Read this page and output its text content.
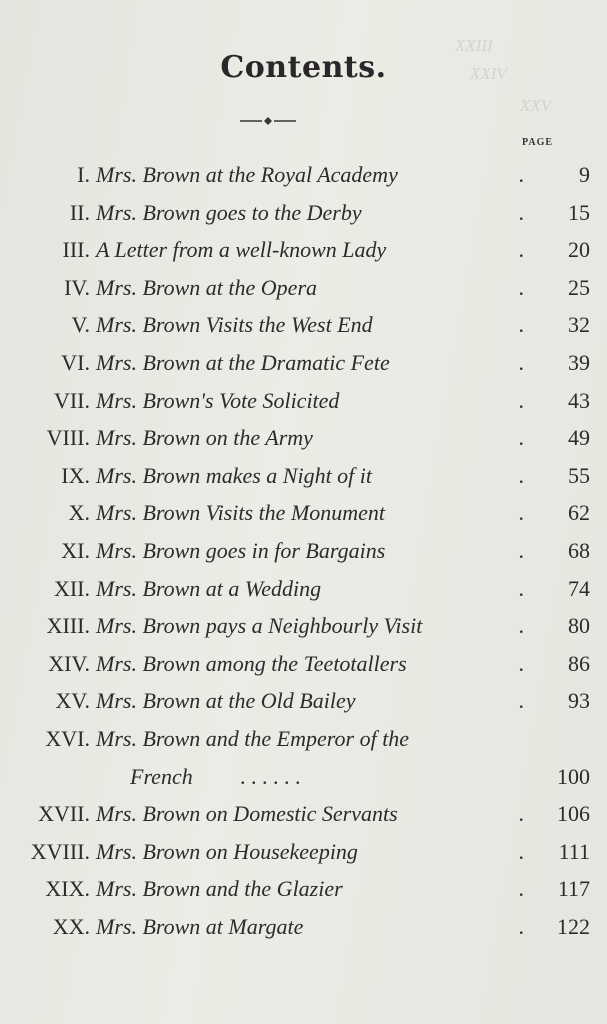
XXIII
XXIV
XXV
Contents.
PAGE
I. Mrs. Brown at the Royal Academy	.	9
II. Mrs. Brown goes to the Derby	.	15
III. A Letter from a well-known Lady	.	20
IV. Mrs. Brown at the Opera	.	25
V. Mrs. Brown Visits the West End	.	32
VI. Mrs. Brown at the Dramatic Fete	.	39
VII. Mrs. Brown's Vote Solicited	.	43
VIII. Mrs. Brown on the Army	.	49
IX. Mrs. Brown makes a Night of it	.	55
X. Mrs. Brown Visits the Monument	.	62
XI. Mrs. Brown goes in for Bargains	.	68
XII. Mrs. Brown at a Wedding	.	74
XIII. Mrs. Brown pays a Neighbourly Visit	.	80
XIV. Mrs. Brown among the Teetotallers	.	86
XV. Mrs. Brown at the Old Bailey	.	93
XVI. Mrs. Brown and the Emperor of the
French . . . . . .	100
XVII. Mrs. Brown on Domestic Servants	.	106
XVIII. Mrs. Brown on Housekeeping	.	111
XIX. Mrs. Brown and the Glazier	.	117
XX. Mrs. Brown at Margate	.	122
